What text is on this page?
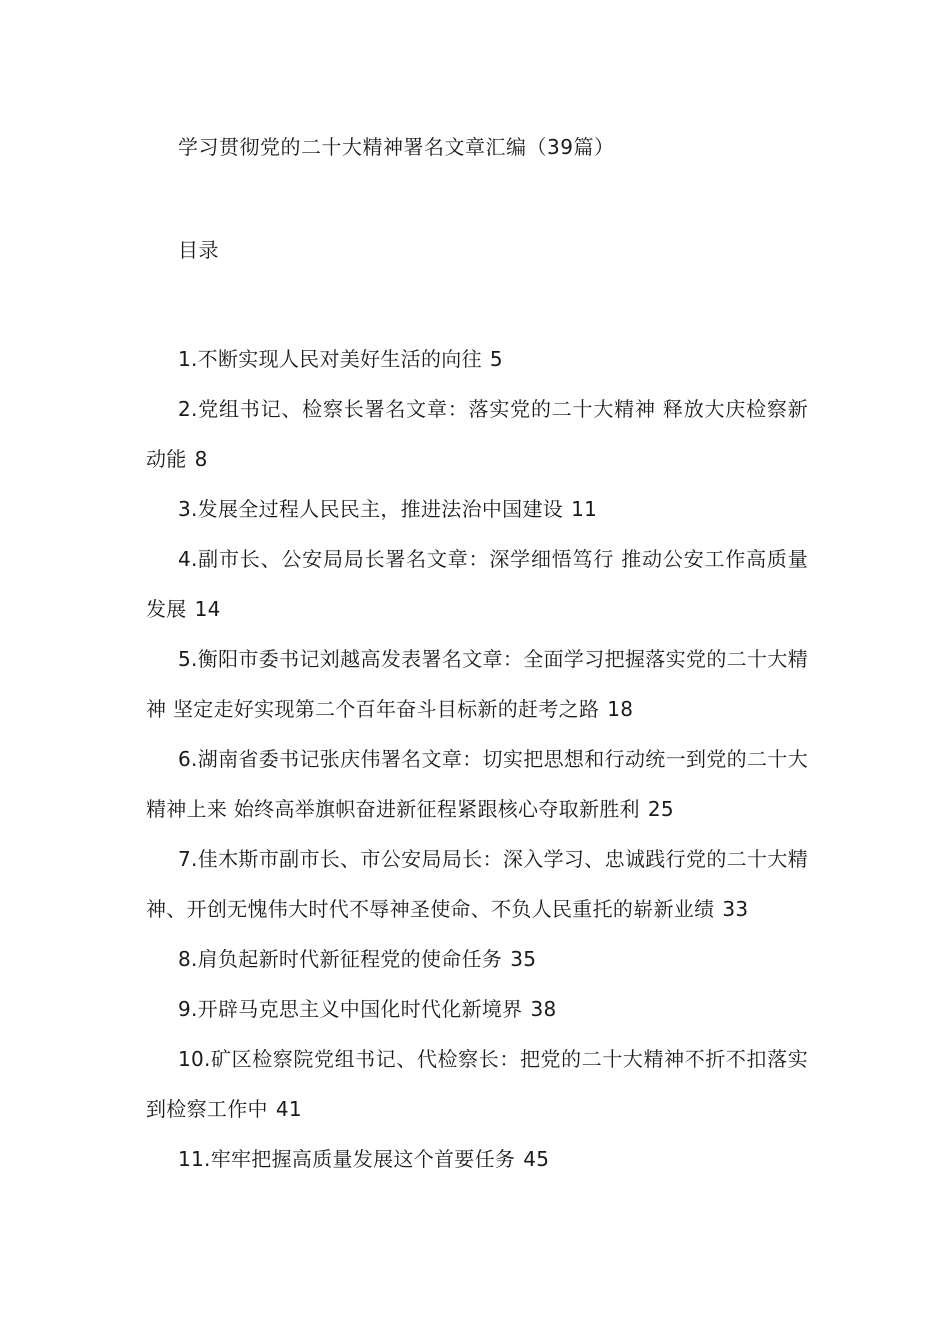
学习贯彻党的二十大精神署名文章汇编（39篇）
目录
1.不断实现人民对美好生活的向往 5
2.党组书记、检察长署名文章：落实党的二十大精神 释放大庆检察新动能 8
3.发展全过程人民民主，推进法治中国建设 11
4.副市长、公安局局长署名文章：深学细悟笃行 推动公安工作高质量发展 14
5.衡阳市委书记刘越高发表署名文章：全面学习把握落实党的二十大精神 坚定走好实现第二个百年奋斗目标新的赶考之路 18
6.湖南省委书记张庆伟署名文章：切实把思想和行动统一到党的二十大精神上来 始终高举旗帜奋进新征程紧跟核心夺取新胜利 25
7.佳木斯市副市长、市公安局局长：深入学习、忠诚践行党的二十大精神、开创无愧伟大时代不辱神圣使命、不负人民重托的崭新业绩 33
8.肩负起新时代新征程党的使命任务 35
9.开辟马克思主义中国化时代化新境界 38
10.矿区检察院党组书记、代检察长：把党的二十大精神不折不扣落实到检察工作中 41
11.牢牢把握高质量发展这个首要任务 45
